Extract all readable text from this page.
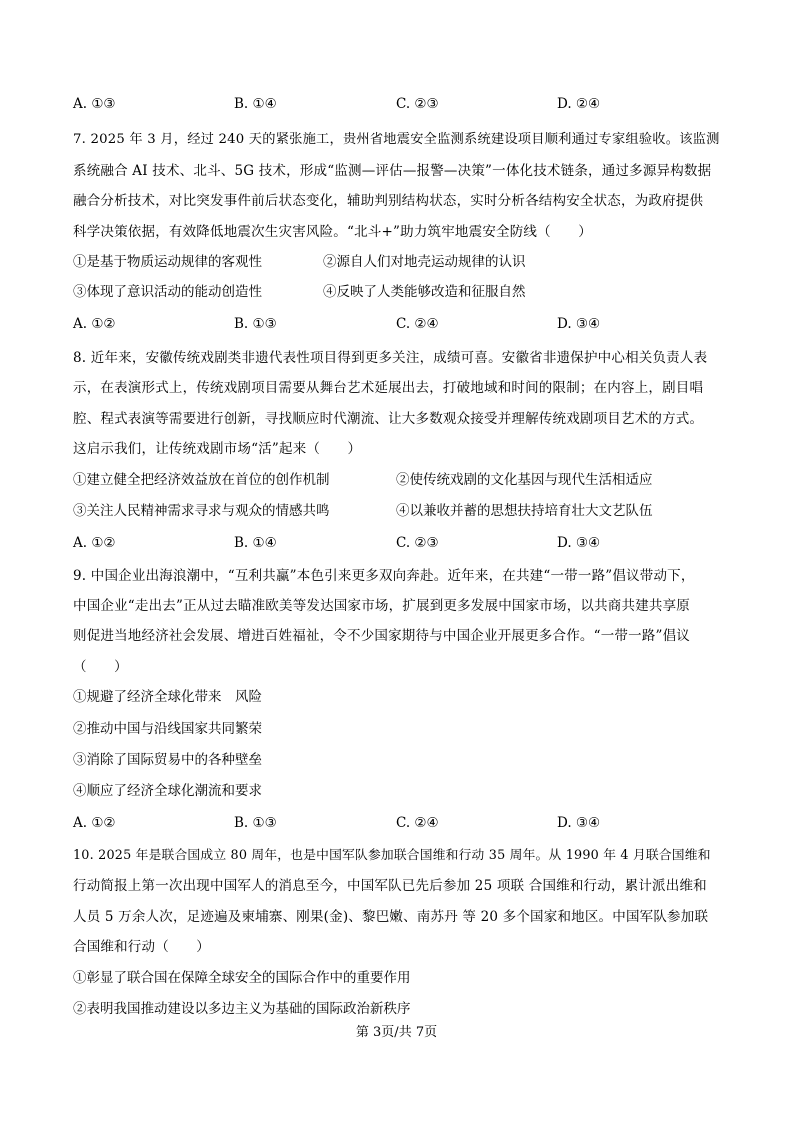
A. ①③	B. ①④	C. ②③	D. ②④
7. 2025 年 3 月，经过 240 天的紧张施工，贵州省地震安全监测系统建设项目顺利通过专家组验收。该监测
系统融合 AI 技术、北斗、5G 技术，形成“监测—评估—报警—决策”一体化技术链条，通过多源异构数据
融合分析技术，对比突发事件前后状态变化，辅助判别结构状态，实时分析各结构安全状态，为政府提供
科学决策依据，有效降低地震次生灾害风险。“北斗+”助力筑牢地震安全防线（　　）
①是基于物质运动规律的客观性	②源自人们对地壳运动规律的认识
③体现了意识活动的能动创造性	④反映了人类能够改造和征服自然
A. ①②	B. ①③	C. ②④	D. ③④
8. 近年来，安徽传统戏剧类非遗代表性项目得到更多关注，成绩可喜。安徽省非遗保护中心相关负责人表
示，在表演形式上，传统戏剧项目需要从舞台艺术延展出去，打破地域和时间的限制；在内容上，剧目唱
腔、程式表演等需要进行创新，寻找顺应时代潮流、让大多数观众接受并理解传统戏剧项目艺术的方式。
这启示我们，让传统戏剧市场“活”起来（　　）
①建立健全把经济效益放在首位的创作机制	②使传统戏剧的文化基因与现代生活相适应
③关注人民精神需求寻求与观众的情感共鸣	④以兼收并蓄的思想扶持培育壮大文艺队伍
A. ①②	B. ①④	C. ②③	D. ③④
9. 中国企业出海浪潮中，“互利共赢”本色引来更多双向奔赴。近年来，在共建“一带一路”倡议带动下，
中国企业“走出去”正从过去瞄准欧美等发达国家市场，扩展到更多发展中国家市场，以共商共建共享原
则促进当地经济社会发展、增进百姓福祉，令不少国家期待与中国企业开展更多合作。“一带一路”倡议
（　　）
①规避了经济全球化带来　风险
②推动中国与沿线国家共同繁荣
③消除了国际贸易中的各种壁垒
④顺应了经济全球化潮流和要求
A. ①②	B. ①③	C. ②④	D. ③④
10. 2025 年是联合国成立 80 周年，也是中国军队参加联合国维和行动 35 周年。从 1990 年 4 月联合国维和
行动简报上第一次出现中国军人的消息至今，中国军队已先后参加 25 项联 合国维和行动，累计派出维和
人员 5 万余人次，足迹遍及柬埔寨、刚果(金)、黎巴嫩、南苏丹 等 20 多个国家和地区。中国军队参加联
合国维和行动（　　）
①彰显了联合国在保障全球安全的国际合作中的重要作用
②表明我国推动建设以多边主义为基础的国际政治新秩序
第 3页/共 7页
